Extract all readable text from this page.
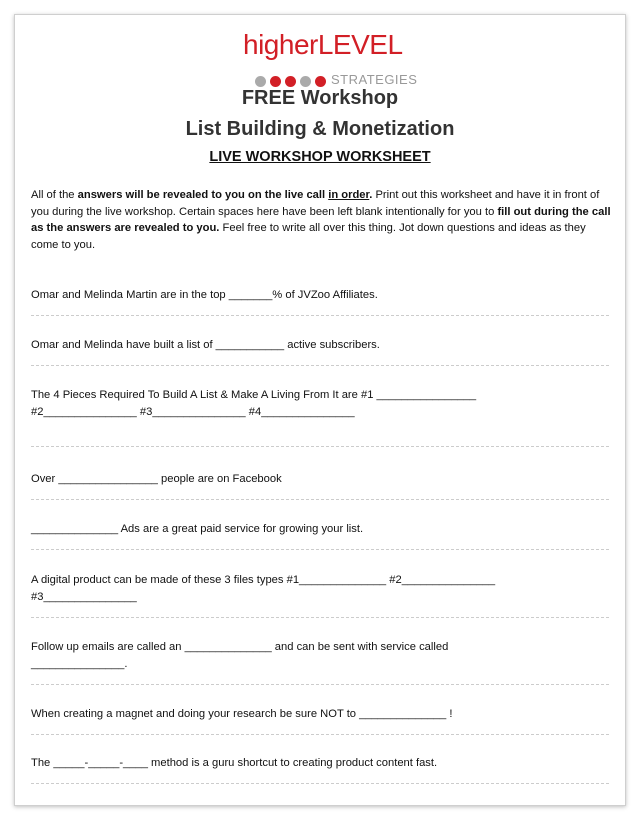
higherLEVEL
STRATEGIES
FREE Workshop
List Building & Monetization
LIVE WORKSHOP WORKSHEET
All of the answers will be revealed to you on the live call in order. Print out this worksheet and have it in front of you during the live workshop. Certain spaces here have been left blank intentionally for you to fill out during the call as the answers are revealed to you. Feel free to write all over this thing. Jot down questions and ideas as they come to you.
Omar and Melinda Martin are in the top _______% of JVZoo Affiliates.
Omar and Melinda have built a list of ___________ active subscribers.
The 4 Pieces Required To Build A List & Make A Living From It are #1 ________________
#2_______________ #3_______________ #4_______________
Over ________________ people are on Facebook
______________ Ads are a great paid service for growing your list.
A digital product can be made of these 3 files types #1______________ #2_______________
#3_______________
Follow up emails are called an ______________ and can be sent with service called
_______________.
When creating a magnet and doing your research be sure NOT to ______________ !
The _____-_____-____ method is a guru shortcut to creating product content fast.
